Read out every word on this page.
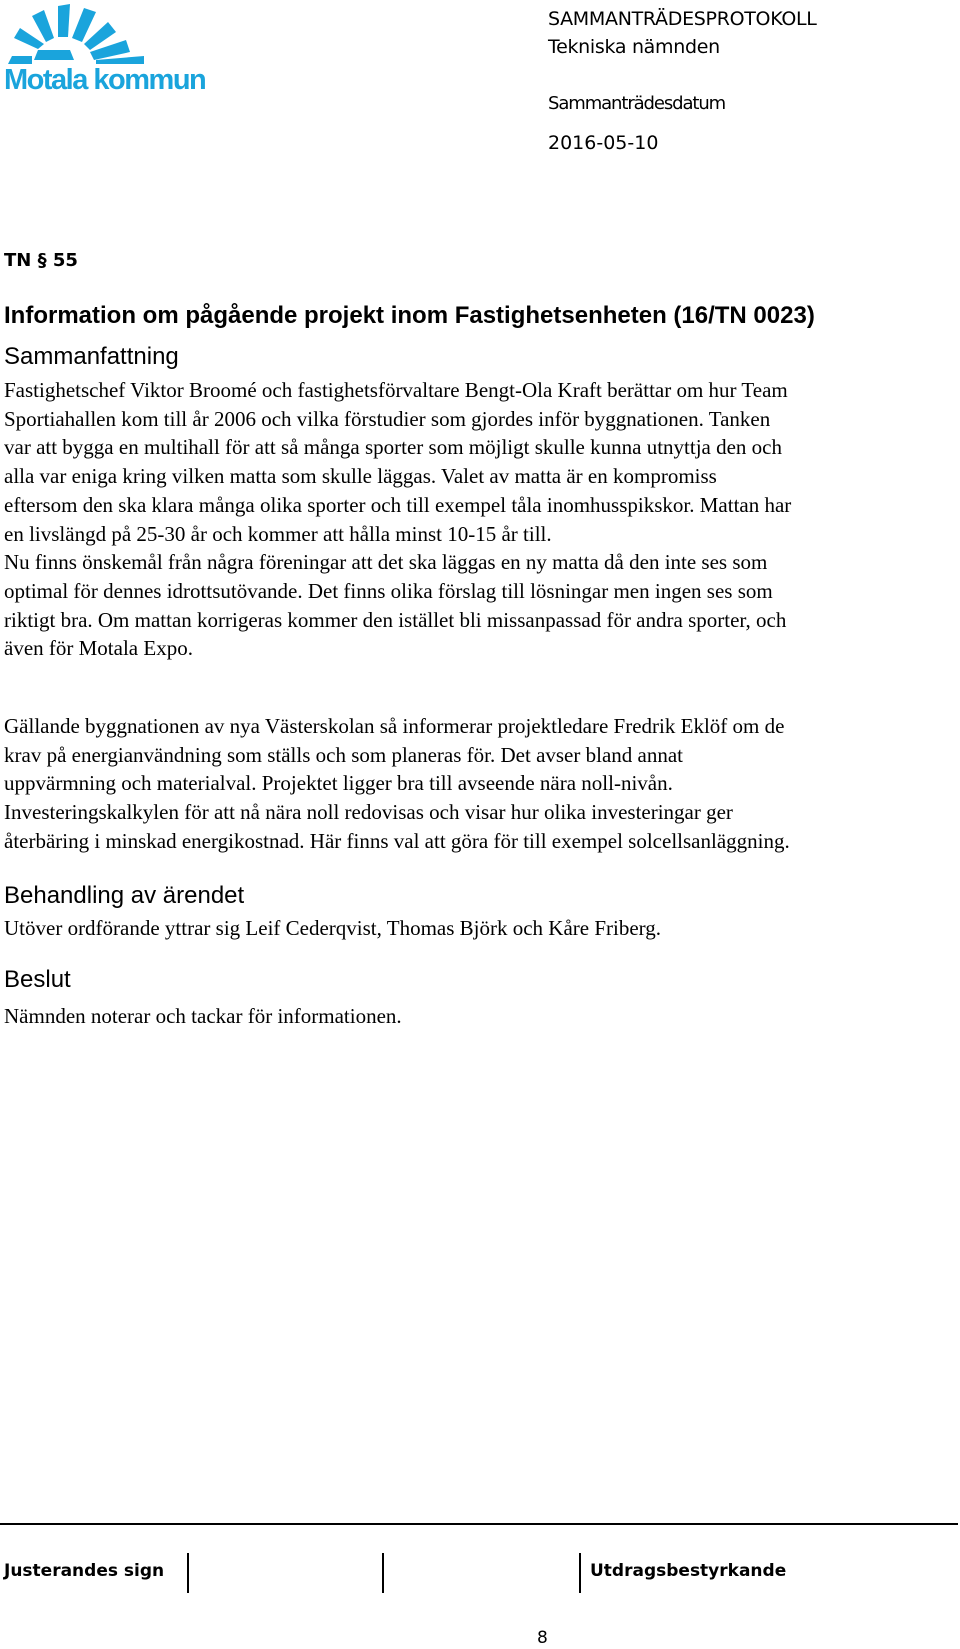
Motala kommun
SAMMANTRÄDESPROTOKOLL
Tekniska nämnden
Sammanträdesdatum
2016-05-10
TN § 55
Information om pågående projekt inom Fastighetsenheten (16/TN 0023)
Sammanfattning
Fastighetschef Viktor Broomé och fastighetsförvaltare Bengt-Ola Kraft berättar om hur Team
Sportiahallen kom till år 2006 och vilka förstudier som gjordes inför byggnationen. Tanken
var att bygga en multihall för att så många sporter som möjligt skulle kunna utnyttja den och
alla var eniga kring vilken matta som skulle läggas. Valet av matta är en kompromiss
eftersom den ska klara många olika sporter och till exempel tåla inomhusspikskor. Mattan har
en livslängd på 25-30 år och kommer att hålla minst 10-15 år till.
Nu finns önskemål från några föreningar att det ska läggas en ny matta då den inte ses som
optimal för dennes idrottsutövande. Det finns olika förslag till lösningar men ingen ses som
riktigt bra. Om mattan korrigeras kommer den istället bli missanpassad för andra sporter, och
även för Motala Expo.
Gällande byggnationen av nya Västerskolan så informerar projektledare Fredrik Eklöf om de
krav på energianvändning som ställs och som planeras för. Det avser bland annat
uppvärmning och materialval. Projektet ligger bra till avseende nära noll-nivån.
Investeringskalkylen för att nå nära noll redovisas och visar hur olika investeringar ger
återbäring i minskad energikostnad. Här finns val att göra för till exempel solcellsanläggning.
Behandling av ärendet
Utöver ordförande yttrar sig Leif Cederqvist, Thomas Björk och Kåre Friberg.
Beslut
Nämnden noterar och tackar för informationen.
Justerandes sign	Utdragsbestyrkande
8
